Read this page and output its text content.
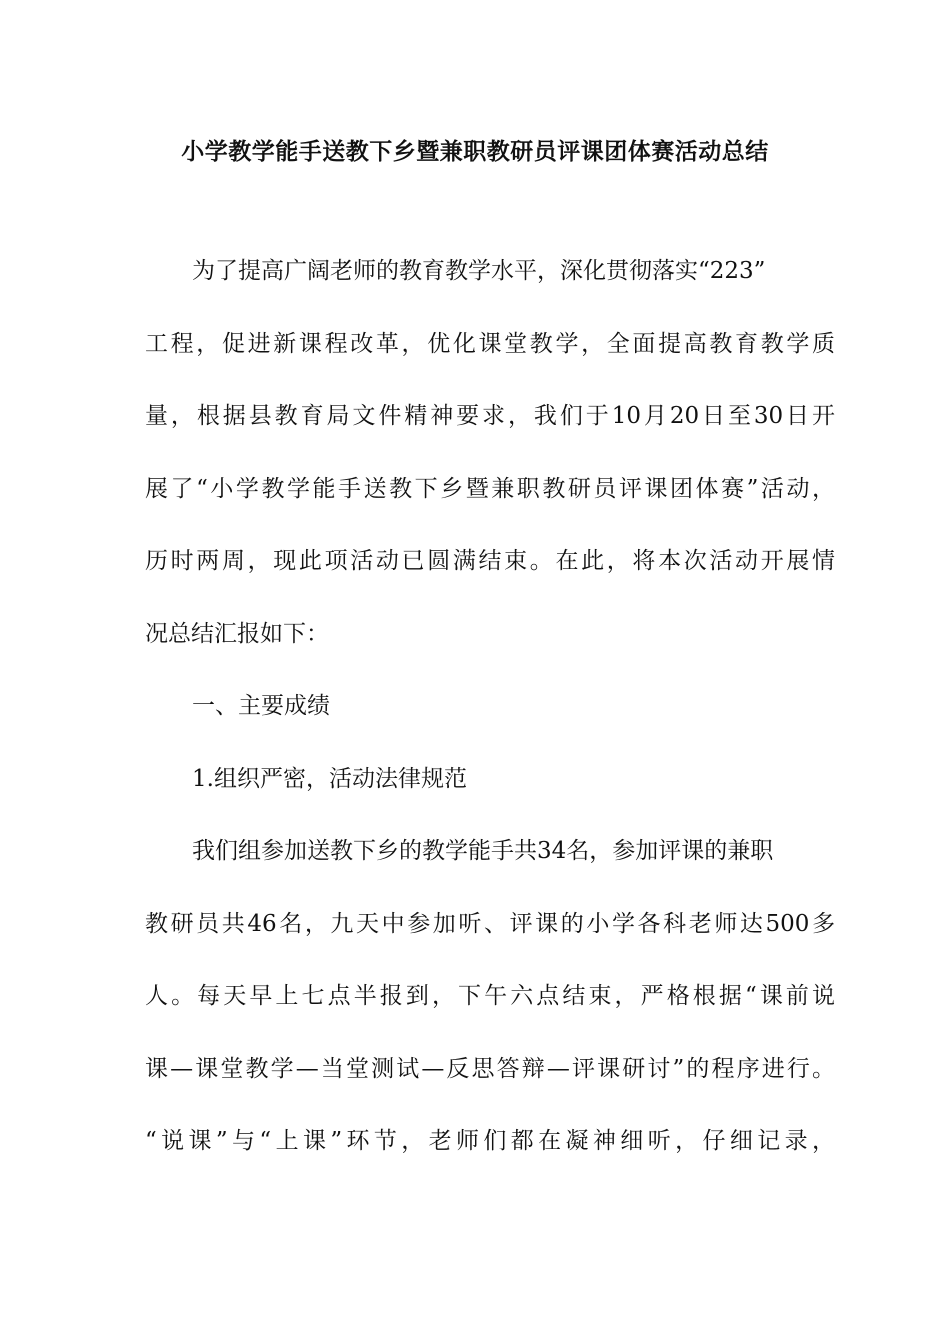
小学教学能手送教下乡暨兼职教研员评课团体赛活动总结
为了提高广阔老师的教育教学水平，深化贯彻落实“223”
工程，促进新课程改革，优化课堂教学，全面提高教育教学质
量，根据县教育局文件精神要求，我们于10月20日至30日开
展了“小学教学能手送教下乡暨兼职教研员评课团体赛”活动，
历时两周，现此项活动已圆满结束。在此，将本次活动开展情
况总结汇报如下：
一、主要成绩
1.组织严密，活动法律规范
我们组参加送教下乡的教学能手共34名，参加评课的兼职
教研员共46名，九天中参加听、评课的小学各科老师达500多
人。每天早上七点半报到，下午六点结束，严格根据“课前说
课—课堂教学—当堂测试—反思答辩—评课研讨”的程序进行。
“说课”与“上课”环节，老师们都在凝神细听，仔细记录，
